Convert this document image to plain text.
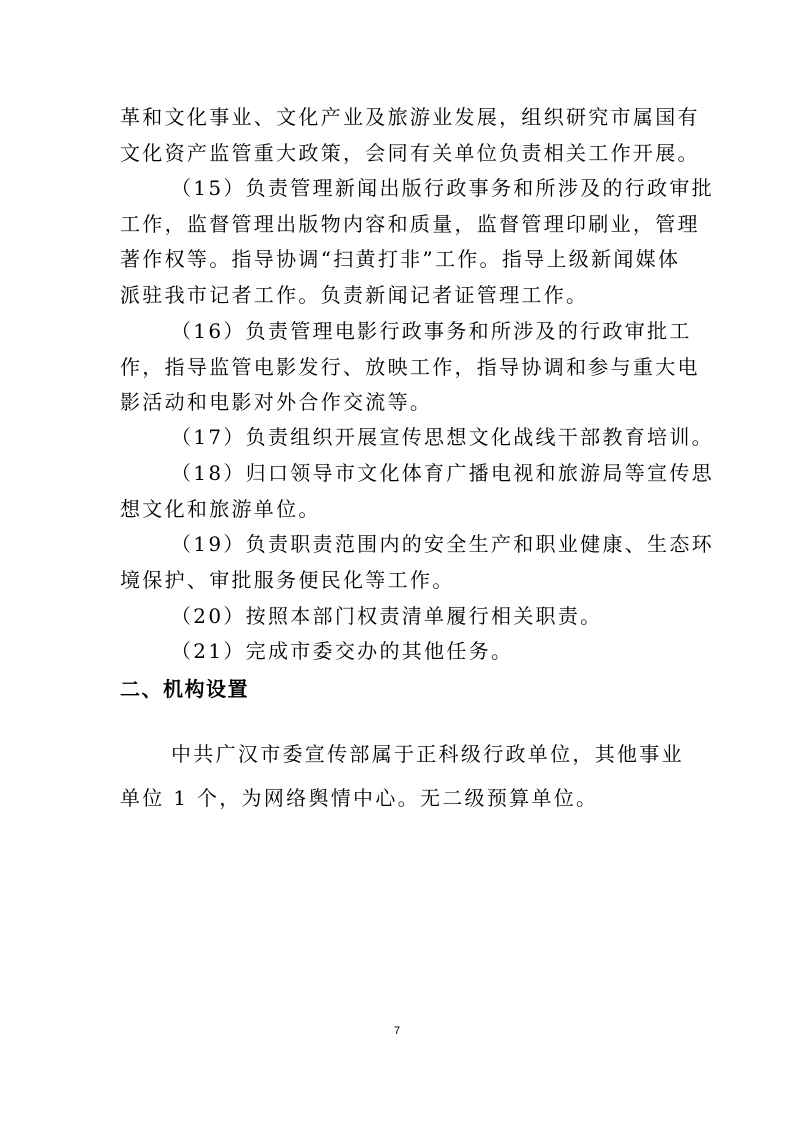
革和文化事业、文化产业及旅游业发展，组织研究市属国有
文化资产监管重大政策，会同有关单位负责相关工作开展。
（15）负责管理新闻出版行政事务和所涉及的行政审批
工作，监督管理出版物内容和质量，监督管理印刷业，管理
著作权等。指导协调“扫黄打非”工作。指导上级新闻媒体
派驻我市记者工作。负责新闻记者证管理工作。
（16）负责管理电影行政事务和所涉及的行政审批工
作，指导监管电影发行、放映工作，指导协调和参与重大电
影活动和电影对外合作交流等。
（17）负责组织开展宣传思想文化战线干部教育培训。
（18）归口领导市文化体育广播电视和旅游局等宣传思
想文化和旅游单位。
（19）负责职责范围内的安全生产和职业健康、生态环
境保护、审批服务便民化等工作。
（20）按照本部门权责清单履行相关职责。
（21）完成市委交办的其他任务。
二、机构设置
中共广汉市委宣传部属于正科级行政单位，其他事业
单位 1 个，为网络舆情中心。无二级预算单位。
7
